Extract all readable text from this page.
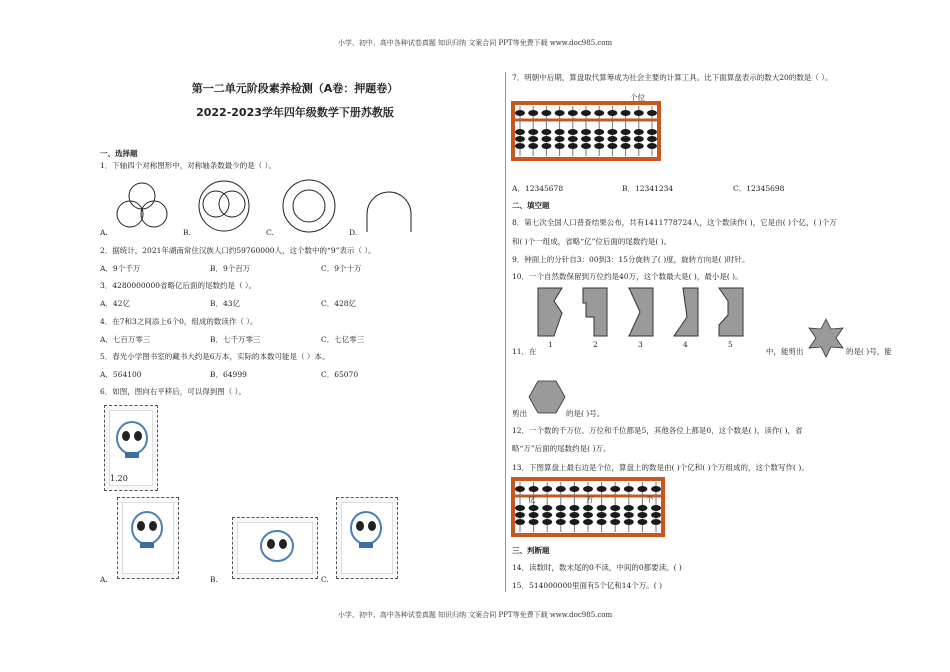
小学、初中、高中各种试卷真题 知识归纳 文案合同 PPT等免费下载 www.doc985.com
小学、初中、高中各种试卷真题 知识归纳 文案合同 PPT等免费下载 www.doc985.com
第一二单元阶段素养检测（A卷：押题卷）
2022-2023学年四年级数学下册苏教版
一、选择题
1．下轴四个对称图形中，对称轴条数最少的是（ ）。
A.	B.	C.	D.
2．据统计，2021年湖南常住汉族人口约59760000人，这个数中的“9”表示（ ）。
A．9个千万	B．9个百万	C．9个十万
3．4280000000省略亿后面的尾数约是（ ）。
A．42亿	B．43亿	C．428亿
4．在7和3之间添上6个0，组成的数读作（ ）。
A．七百万零三	B．七千万零三	C．七亿零三
5．春光小学图书室的藏书大约是6万本，实际的本数可能是（ ）本。
A．564100	B．64999	C．65070
6．如图，图向右平移后，可以得到图（ ）。
1.20
A.	B.	C.
7．明朝中后期，算盘取代算筹成为社会主要的计算工具。比下面算盘表示的数大20的数是（ ）。
个位
A．12345678	B．12341234	C．12345698
二、填空题
8．第七次全国人口普查结果公布，共有1411778724人，这个数读作( )，它是由( )个亿，( )个万
和( )个一组成，省略“亿”位后面的尾数约是( )。
9．钟面上的分针自3：00到3：15分旋转了( )度，旋转方向是( )时针。
10．一个自然数保留到万位约是40万，这个数最大是( )，最小是( )。
1	2	3	4	5
11．在	中，能剪出	的是( )号，能
剪出	的是( )号。
12．一个数的千万位、万位和千位都是5，其他各位上都是0，这个数是( )，读作( )，省
略“万”后面的尾数约是( )万。
13．下图算盘上最右边是个位，算盘上的数是由( )个亿和( )个万组成的，这个数写作( )。
亿	万	个
三、判断题
14．读数时，数末尾的0不读，中间的0都要读。( )
15．514000000里面有5个亿和14个万。( )
